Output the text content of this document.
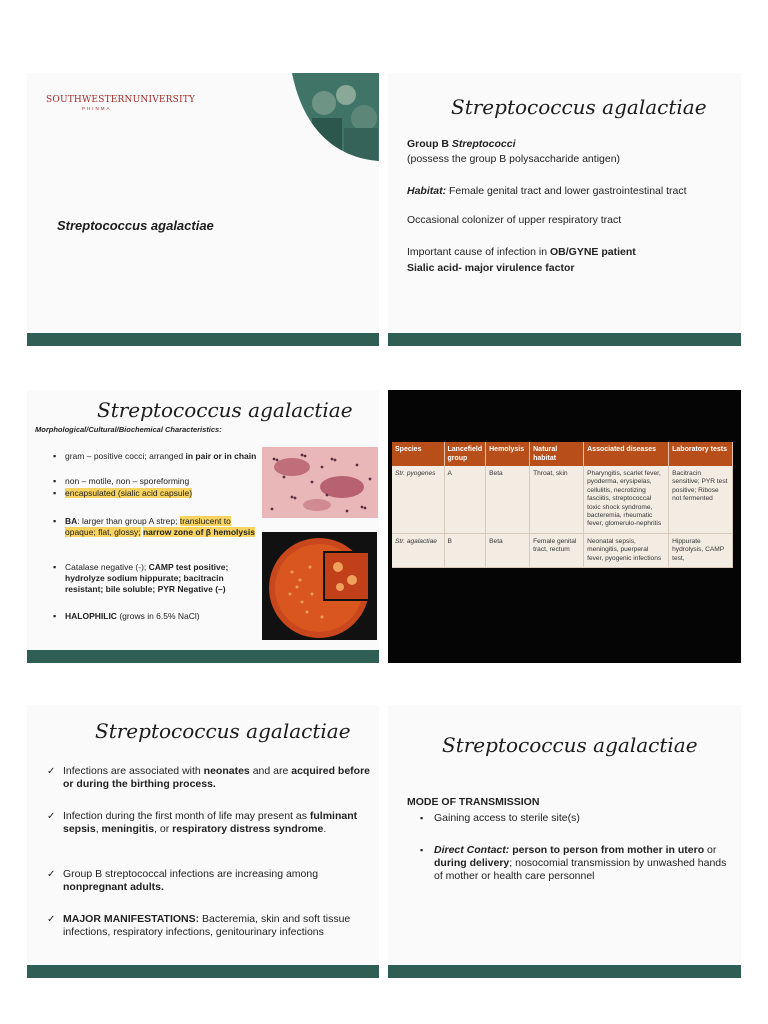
SOUTHWESTERNUNIVERSITY
PHINMA
Streptococcus agalactiae
Streptococcus agalactiae
Group B Streptococci
(possess the group B polysaccharide antigen)
Habitat: Female genital tract and lower gastrointestinal tract
Occasional colonizer of upper respiratory tract
Important cause of infection in OB/GYNE patient
Sialic acid- major virulence factor
Streptococcus agalactiae
Morphological/Cultural/Biochemical Characteristics:
▪ gram – positive cocci; arranged in pair or in chain
▪ non – motile, non – sporeforming
▪ encapsulated (sialic acid capsule)
▪ BA: larger than group A strep; translucent to opaque; flat, glossy; narrow zone of β hemolysis
▪ Catalase negative (-); CAMP test positive; hydrolyze sodium hippurate; bacitracin resistant; bile soluble; PYR Negative (–)
▪ HALOPHILIC (grows in 6.5% NaCl)
Species	Lancefield group	Hemolysis	Natural habitat	Associated diseases	Laboratory tests
Str. pyogenes	A	Beta	Throat, skin	Pharyngitis, scarlet fever, pyoderma, erysipelas, cellulitis, necrotizing fasciitis, streptococcal toxic shock syndrome, bacteremia, rheumatic fever, glomerulo-nephritis	Bacitracin sensitive; PYR test positive; Ribose not fermented
Str. agalactiae	B	Beta	Female genital tract, rectum	Neonatal sepsis, meningitis, puerperal fever, pyogenic infections	Hippurate hydrolysis, CAMP test,
Streptococcus agalactiae
✓ Infections are associated with neonates and are acquired before or during the birthing process.
✓ Infection during the first month of life may present as fulminant sepsis, meningitis, or respiratory distress syndrome.
✓ Group B streptococcal infections are increasing among nonpregnant adults.
✓ MAJOR MANIFESTATIONS: Bacteremia, skin and soft tissue infections, respiratory infections, genitourinary infections
Streptococcus agalactiae
MODE OF TRANSMISSION
▪ Gaining access to sterile site(s)
▪ Direct Contact: person to person from mother in utero or during delivery; nosocomial transmission by unwashed hands of mother or health care personnel
